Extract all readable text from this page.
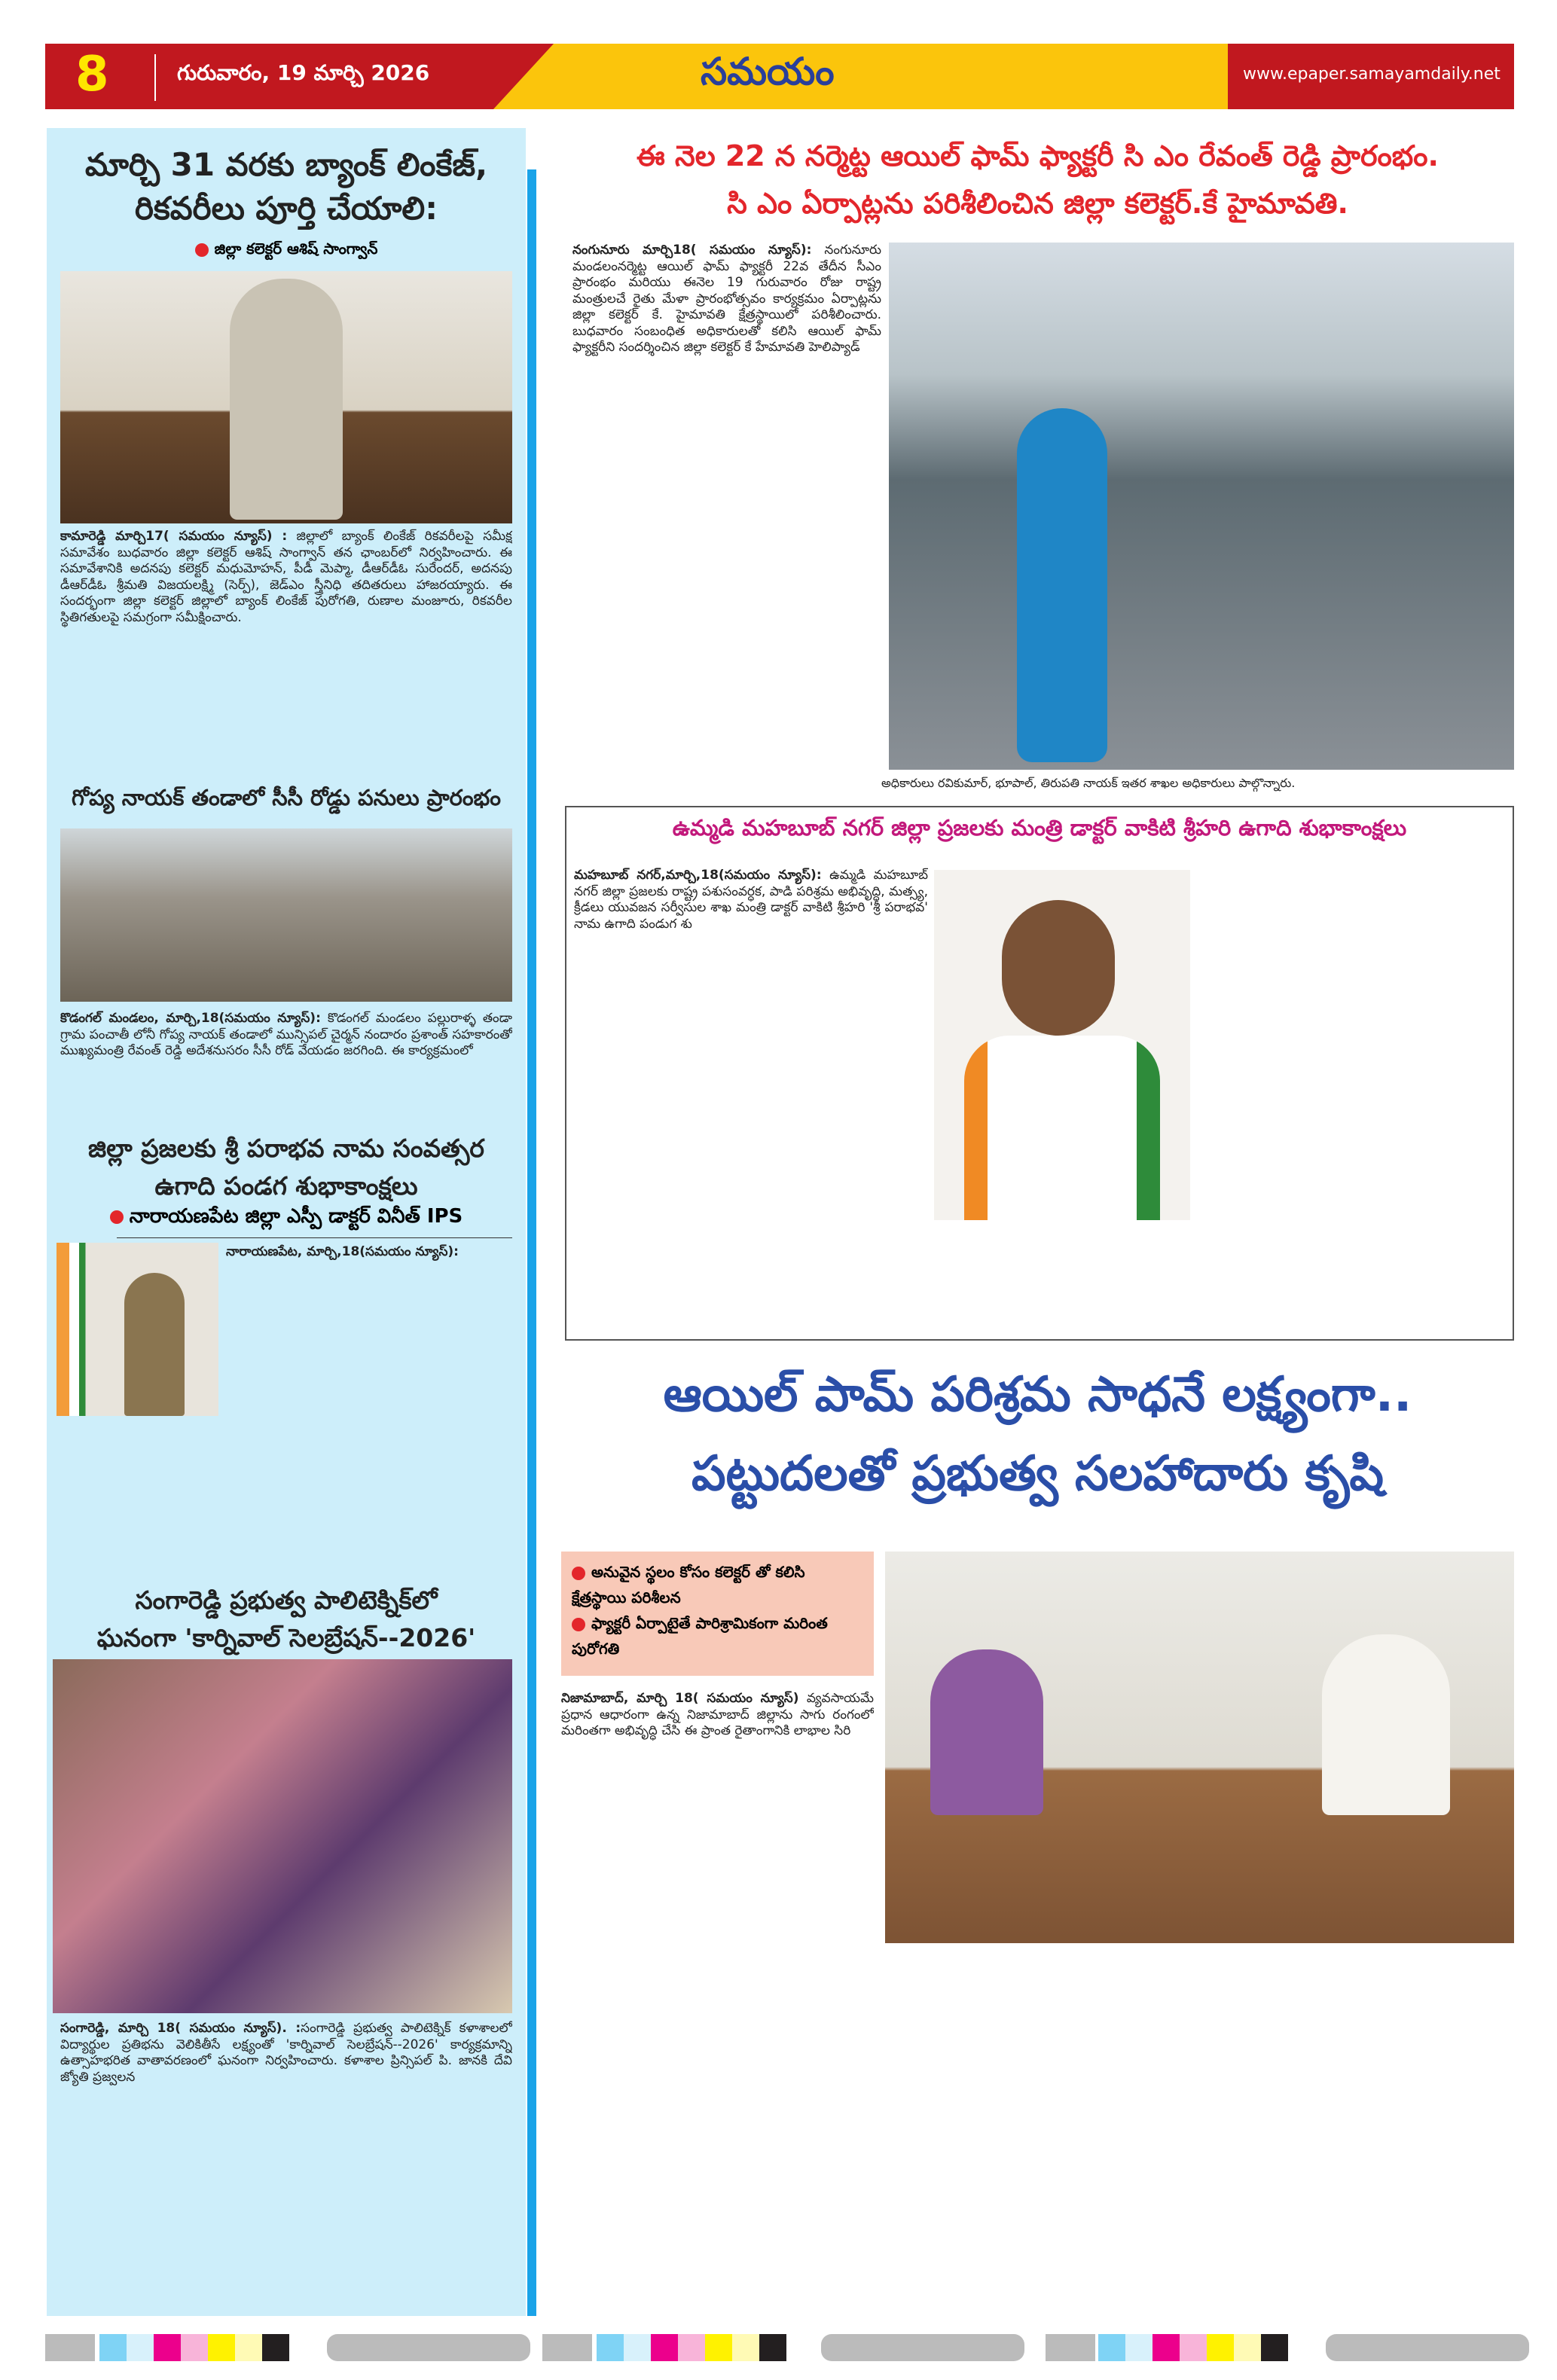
8	గురువారం, 19 మార్చి 2026	సమయం	www.epaper.samayamdaily.net
మార్చి 31 వరకు బ్యాంక్ లింకేజ్, రికవరీలు పూర్తి చేయాలి:
జిల్లా కలెక్టర్ ఆశిష్ సాంగ్వాన్
కామారెడ్డి మార్చి17( సమయం న్యూస్) : జిల్లాలో బ్యాంక్ లింకేజ్ రికవరీలపై సమీక్ష సమావేశం బుధవారం జిల్లా కలెక్టర్ ఆశిష్ సాంగ్వాన్ తన ఛాంబర్‌లో నిర్వహించారు. ఈ సమావేశానికి అదనపు కలెక్టర్ మధుమోహన్, పీడీ మెప్మా, డీఆర్‌డీఓ సురేందర్, అదనపు డీఆర్‌డీఓ శ్రీమతి విజయలక్ష్మి (సెర్ప్), జెడ్‌ఎం స్త్రీనిధి తదితరులు హాజరయ్యారు. ఈ సందర్భంగా జిల్లా కలెక్టర్ జిల్లాలో బ్యాంక్ లింకేజ్ పురోగతి, రుణాల మంజూరు, రికవరీల స్థితిగతులపై సమగ్రంగా సమీక్షించారు.
గోప్య నాయక్ తండాలో సీసీ రోడ్డు పనులు ప్రారంభం
కొడంగల్ మండలం, మార్చి,18(సమయం న్యూస్): కొడంగల్ మండలం పల్లురాళ్ళ తండా గ్రామ పంచాతీ లోనీ గోప్య నాయక్ తండాలో మున్సిపల్ చైర్మన్ నందారం ప్రశాంత్ సహకారంతో ముఖ్యమంత్రి రేవంత్ రెడ్డి అదేశనుసరం సీసీ రోడ్ వేయడం జరగింది. ఈ కార్యక్రమంలో
జిల్లా ప్రజలకు శ్రీ పరాభవ నామ సంవత్సర ఉగాది పండగ శుభాకాంక్షలు
నారాయణపేట జిల్లా ఎస్పీ డాక్టర్ వినీత్ IPS
నారాయణపేట, మార్చి,18(సమయం న్యూస్):
సంగారెడ్డి ప్రభుత్వ పాలిటెక్నిక్‌లో
ఘనంగా 'కార్నివాల్ సెలబ్రేషన్--2026'
సంగారెడ్డి, మార్చి 18( సమయం న్యూస్). :సంగారెడ్డి ప్రభుత్వ పాలిటెక్నిక్ కళాశాలలో విద్యార్థుల ప్రతిభను వెలికితీసే లక్ష్యంతో 'కార్నివాల్ సెలబ్రేషన్--2026' కార్యక్రమాన్ని ఉత్సాహభరిత వాతావరణంలో ఘనంగా నిర్వహించారు. కళాశాల ప్రిన్సిపల్ పి. జానకి దేవి జ్యోతి ప్రజ్వలన
ఈ నెల 22 న నర్మెట్ట ఆయిల్ ఫామ్ ఫ్యాక్టరీ సి ఎం రేవంత్ రెడ్డి ప్రారంభం.
సి ఎం ఏర్పాట్లను పరిశీలించిన జిల్లా కలెక్టర్.కే హైమావతి.
నంగునూరు మార్చి18( సమయం న్యూస్): నంగునూరు మండలంనర్మెట్ట ఆయిల్ ఫామ్ ఫ్యాక్టరీ 22వ తేదీన సీఎం ప్రారంభం మరియు ఈనెల 19 గురువారం రోజు రాష్ట్ర మంత్రులచే రైతు మేళా ప్రారంభోత్సవం కార్యక్రమం ఏర్పాట్లను జిల్లా కలెక్టర్ కే. హైమావతి క్షేత్రస్థాయిలో పరిశీలించారు. బుధవారం సంబంధిత అధికారులతో కలిసి ఆయిల్ ఫామ్ ఫ్యాక్టరీని సందర్శించిన జిల్లా కలెక్టర్ కే హేమావతి హెలిప్యాడ్
అధికారులు రవికుమార్, భూపాల్, తిరుపతి నాయక్ ఇతర శాఖల అధికారులు పాల్గొన్నారు.
ఉమ్మడి మహబూబ్ నగర్ జిల్లా ప్రజలకు మంత్రి డాక్టర్ వాకిటి శ్రీహరి ఉగాది శుభాకాంక్షలు
మహబూబ్ నగర్,మార్చి,18(సమయం న్యూస్): ఉమ్మడి మహబూబ్ నగర్ జిల్లా ప్రజలకు రాష్ట్ర పశుసంవర్ధక, పాడి పరిశ్రమ అభివృద్ధి, మత్స్య, క్రీడలు యువజన సర్వీసుల శాఖ మంత్రి డాక్టర్ వాకిటి శ్రీహరి 'శ్రీ పరాభవ' నామ ఉగాది పండుగ శు
ఆయిల్ పామ్ పరిశ్రమ సాధనే లక్ష్యంగా..
పట్టుదలతో ప్రభుత్వ సలహాదారు కృషి
అనువైన స్థలం కోసం కలెక్టర్ తో కలిసి క్షేత్రస్థాయి పరిశీలన
ఫ్యాక్టరీ ఏర్పాటైతే పారిశ్రామికంగా మరింత పురోగతి
నిజామాబాద్, మార్చి 18( సమయం న్యూస్) వ్యవసాయమే ప్రధాన ఆధారంగా ఉన్న నిజామాబాద్ జిల్లాను సాగు రంగంలో మరింతగా అభివృద్ధి చేసి ఈ ప్రాంత రైతాంగానికి లాభాల సిరి
